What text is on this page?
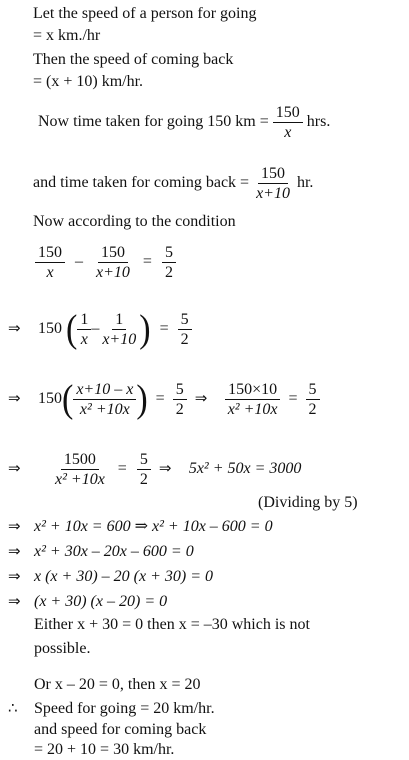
Let the speed of a person for going
= x km./hr
Then the speed of coming back
= (x + 10) km/hr.
Now time taken for going 150 km = $\frac{150}{x}$ hrs.
and time taken for coming back = $\frac{150}{x+10}$ hr.
Now according to the condition
$\frac{150}{x} - \frac{150}{x+10} = \frac{5}{2}$
⇒ 150 ( $\frac{1}{x} - \frac{1}{x+10}$ ) = $\frac{5}{2}$
⇒ $150( \frac{x+10 - x}{\text{x² +10x}}$ ) = $\frac{5}{2}$ ⇒ $\frac{150\times 10}{\text{x² +10x}} = \frac{5}{2}$
⇒ $\frac{1500}{\text{x² +10x}} = \frac{5}{2}$ ⇒ 5x² + 50x = 3000
(Dividing by 5)
⇒ x² + 10x = 600 ⇒ x² + 10x – 600 = 0
⇒ x² + 30x – 20x – 600 = 0
⇒ x (x + 30) – 20 (x + 30) = 0
⇒ (x + 30) (x – 20) = 0
Either x + 30 = 0 then x = –30 which is not
possible.
Or x – 20 = 0, then x = 20
∴ Speed for going = 20 km/hr.
and speed for coming back
= 20 + 10 = 30 km/hr.
